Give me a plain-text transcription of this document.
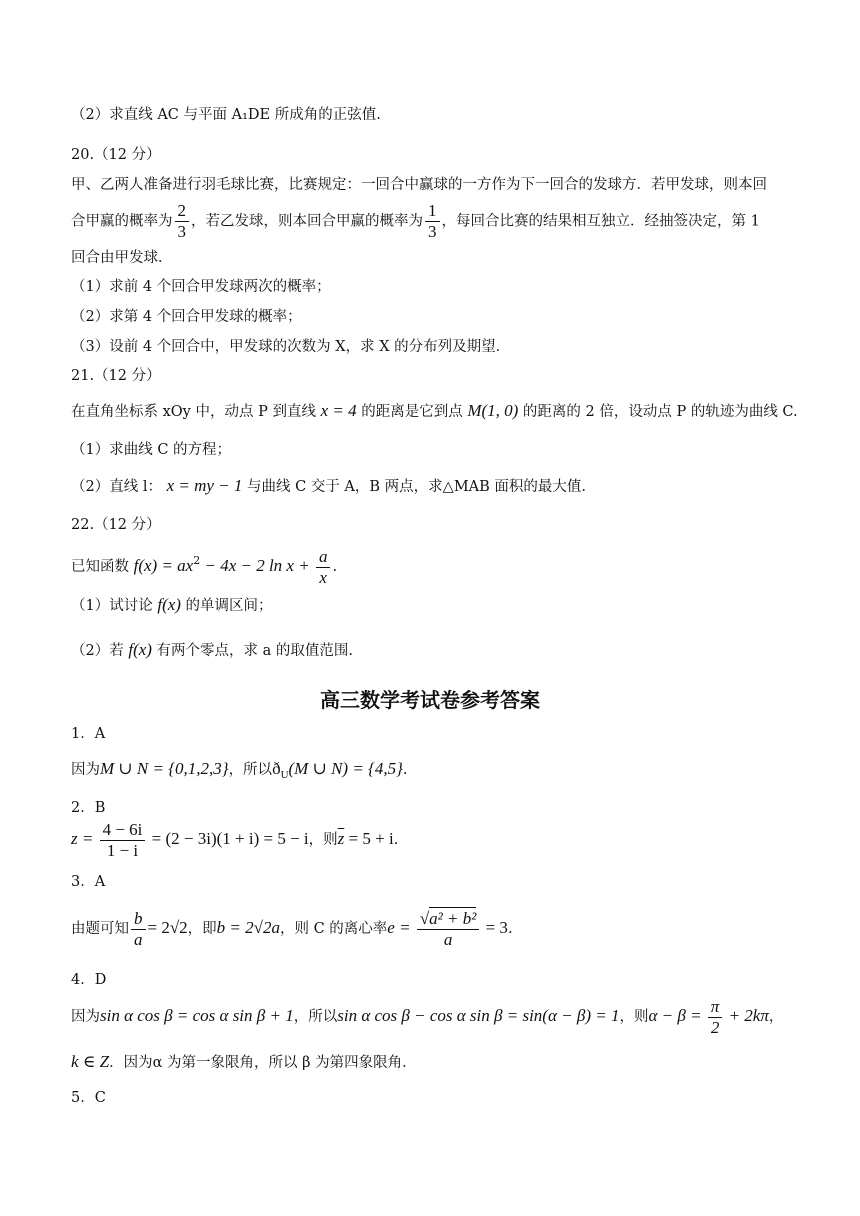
（2）求直线 AC 与平面 A₁DE 所成角的正弦值.
20.（12 分）
甲、乙两人准备进行羽毛球比赛，比赛规定：一回合中赢球的一方作为下一回合的发球方．若甲发球，则本回
合甲赢的概率为 $\frac{2}{3}$ ，若乙发球，则本回合甲赢的概率为 $\frac{1}{3}$ ，每回合比赛的结果相互独立．经抽签决定，第 1
回合由甲发球．
（1）求前 4 个回合甲发球两次的概率；
（2）求第 4 个回合甲发球的概率；
（3）设前 4 个回合中，甲发球的次数为 X，求 X 的分布列及期望．
21.（12 分）
在直角坐标系 xOy 中，动点 P 到直线 x = 4 的距离是它到点 M(1, 0) 的距离的 2 倍，设动点 P 的轨迹为曲线 C.
（1）求曲线 C 的方程；
（2）直线 l： x = my − 1 与曲线 C 交于 A，B 两点，求△MAB 面积的最大值.
22.（12 分）
已知函数 $f(x) = ax^2 - 4x - 2$ $\ln x + \frac{a}{x}$ .
（1）试讨论 f(x) 的单调区间；
（2）若 f(x) 有两个零点，求 a 的取值范围.
高三数学考试卷参考答案
1．A
因为M ∪ N = {0,1,2,3}，所以$ð_U(M$ ∪ N) = {4,5}.
2．B
$z = \frac{4 - 6i}{1 - i} = (2 - 3i)(1 + i) = 5 - i$，则$\overline{z} = 5 + i$.
3．A
由题可知 $\frac{b}{a} = 2√2$，即b = 2√2a，则 C 的离心率$e = \frac{\text{√a² + b²}}{a} = 3$.
4．D
因为sin α cos β = cos α sin β + 1，所以sin α cos β − cos α sin β = sin(α − β) = 1，则$\alpha - \beta = \frac{\pi}{2} + 2k\pi$，
k ∈ Z．因为α 为第一象限角，所以 β 为第四象限角．
5．C
